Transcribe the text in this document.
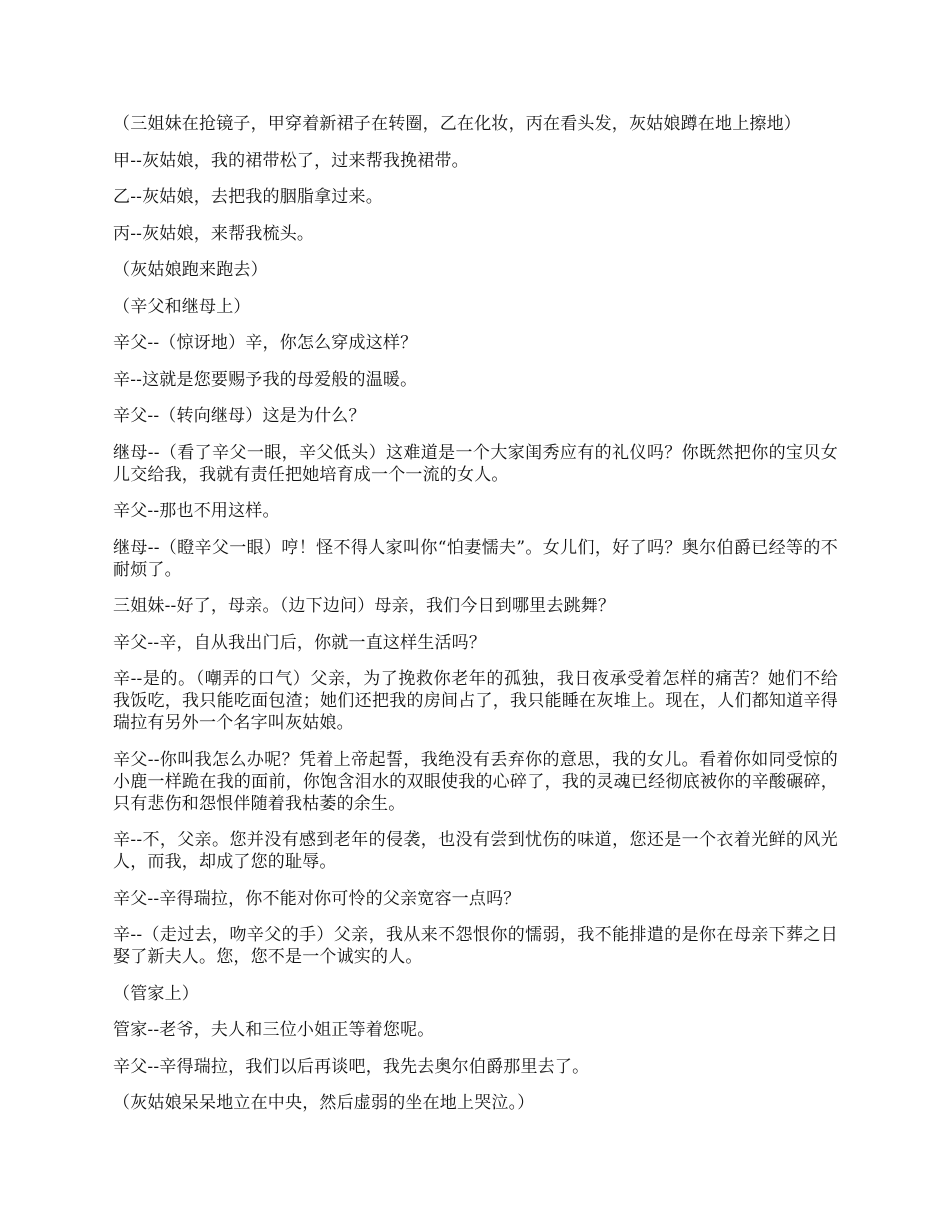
（三姐妹在抢镜子，甲穿着新裙子在转圈，乙在化妆，丙在看头发，灰姑娘蹲在地上擦地）

甲--灰姑娘，我的裙带松了，过来帮我挽裙带。

乙--灰姑娘，去把我的胭脂拿过来。

丙--灰姑娘，来帮我梳头。

（灰姑娘跑来跑去）

（辛父和继母上）

辛父--（惊讶地）辛，你怎么穿成这样？

辛--这就是您要赐予我的母爱般的温暖。

辛父--（转向继母）这是为什么？

继母--（看了辛父一眼，辛父低头）这难道是一个大家闺秀应有的礼仪吗？你既然把你的宝贝女儿交给我，我就有责任把她培育成一个一流的女人。

辛父--那也不用这样。

继母--（瞪辛父一眼）哼！怪不得人家叫你“怕妻懦夫”。女儿们，好了吗？奥尔伯爵已经等的不耐烦了。

三姐妹--好了，母亲。（边下边问）母亲，我们今日到哪里去跳舞？

辛父--辛，自从我出门后，你就一直这样生活吗？

辛--是的。（嘲弄的口气）父亲，为了挽救你老年的孤独，我日夜承受着怎样的痛苦？她们不给我饭吃，我只能吃面包渣；她们还把我的房间占了，我只能睡在灰堆上。现在，人们都知道辛得瑞拉有另外一个名字叫灰姑娘。

辛父--你叫我怎么办呢？凭着上帝起誓，我绝没有丢弃你的意思，我的女儿。看着你如同受惊的小鹿一样跪在我的面前，你饱含泪水的双眼使我的心碎了，我的灵魂已经彻底被你的辛酸碾碎，只有悲伤和怨恨伴随着我枯萎的余生。

辛--不，父亲。您并没有感到老年的侵袭，也没有尝到忧伤的味道，您还是一个衣着光鲜的风光人，而我，却成了您的耻辱。

辛父--辛得瑞拉，你不能对你可怜的父亲宽容一点吗？

辛--（走过去，吻辛父的手）父亲，我从来不怨恨你的懦弱，我不能排遣的是你在母亲下葬之日娶了新夫人。您，您不是一个诚实的人。

（管家上）

管家--老爷，夫人和三位小姐正等着您呢。

辛父--辛得瑞拉，我们以后再谈吧，我先去奥尔伯爵那里去了。

（灰姑娘呆呆地立在中央，然后虚弱的坐在地上哭泣。）
